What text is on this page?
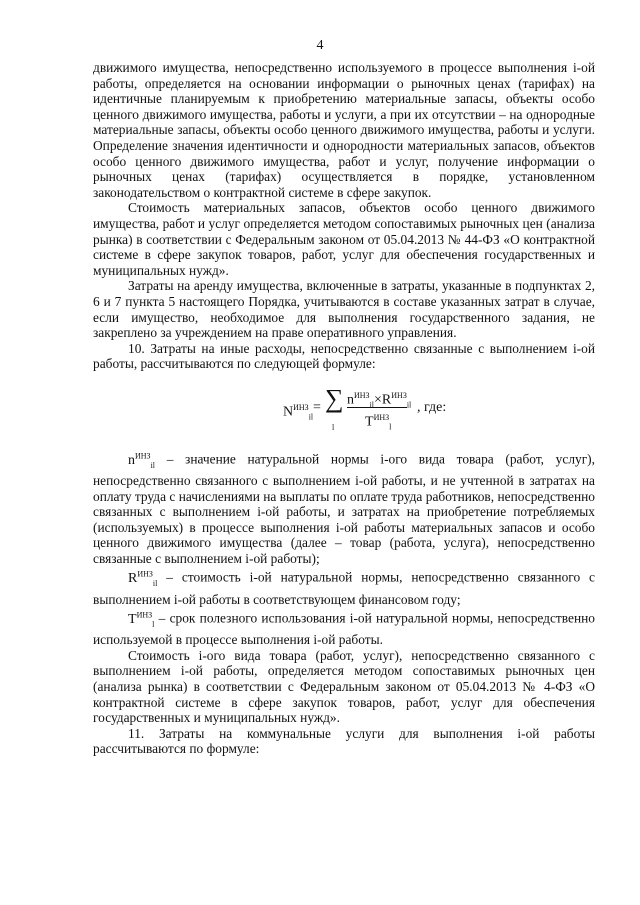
4

движимого имущества, непосредственно используемого в процессе выполнения i-ой работы, определяется на основании информации о рыночных ценах (тарифах) на идентичные планируемым к приобретению материальные запасы, объекты особо ценного движимого имущества, работы и услуги, а при их отсутствии – на однородные материальные запасы, объекты особо ценного движимого имущества, работы и услуги. Определение значения идентичности и однородности материальных запасов, объектов особо ценного движимого имущества, работ и услуг, получение информации о рыночных ценах (тарифах) осуществляется в порядке, установленном законодательством о контрактной системе в сфере закупок.

Стоимость материальных запасов, объектов особо ценного движимого имущества, работ и услуг определяется методом сопоставимых рыночных цен (анализа рынка) в соответствии с Федеральным законом от 05.04.2013 № 44-ФЗ «О контрактной системе в сфере закупок товаров, работ, услуг для обеспечения государственных и муниципальных нужд».

Затраты на аренду имущества, включенные в затраты, указанные в подпунктах 2, 6 и 7 пункта 5 настоящего Порядка, учитываются в составе указанных затрат в случае, если имущество, необходимое для выполнения государственного задания, не закреплено за учреждением на праве оперативного управления.

10. Затраты на иные расходы, непосредственно связанные с выполнением i-ой работы, рассчитываются по следующей формуле:

$N^{ИНЗ}_{il}$
= ∑
l
$n^{ИНЗ}_{il}\times R^{ИНЗ}_{il}$
$T^{ИНЗ}_l$
, где:

$n^{ИНЗ}_{il}$ – значение натуральной нормы i-ого вида товара (работ, услуг), непосредственно связанного с выполнением i-ой работы, и не учтенной в затратах на оплату труда с начислениями на выплаты по оплате труда работников, непосредственно связанных с выполнением i-ой работы, и затратах на приобретение потребляемых (используемых) в процессе выполнения i-ой работы материальных запасов и особо ценного движимого имущества (далее – товар (работа, услуга), непосредственно связанные с выполнением i-ой работы);

$R^{ИНЗ}_{il}$ – стоимость i-ой натуральной нормы, непосредственно связанного с выполнением i-ой работы в соответствующем финансовом году;

$T^{ИНЗ}_l$ – срок полезного использования i-ой натуральной нормы, непосредственно используемой в процессе выполнения i-ой работы.

Стоимость i-ого вида товара (работ, услуг), непосредственно связанного с выполнением i-ой работы, определяется методом сопоставимых рыночных цен (анализа рынка) в соответствии с Федеральным законом от 05.04.2013 № 4-ФЗ «О контрактной системе в сфере закупок товаров, работ, услуг для обеспечения государственных и муниципальных нужд».

11. Затраты на коммунальные услуги для выполнения i-ой работы рассчитываются по формуле:
